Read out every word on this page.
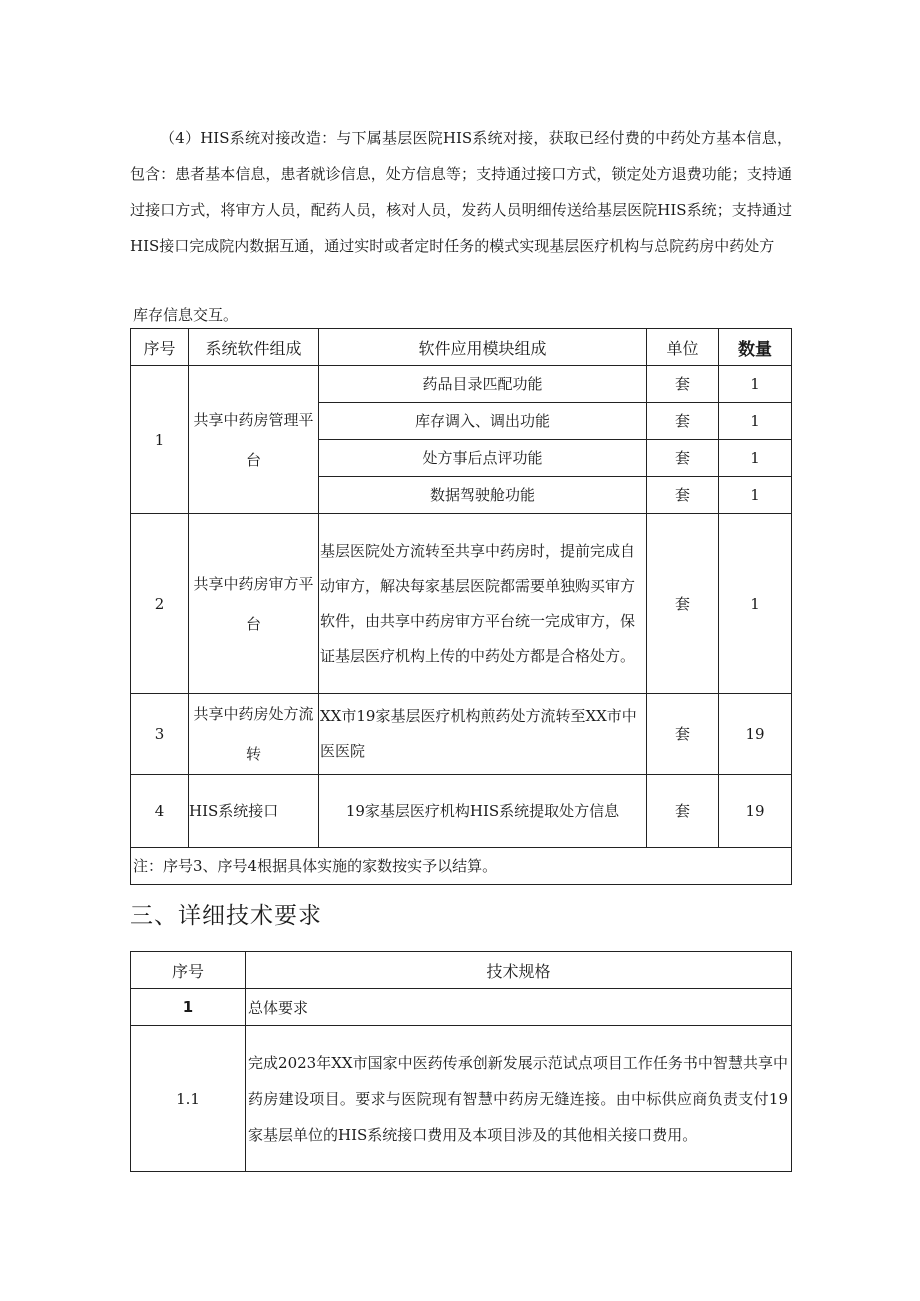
（4）HIS系统对接改造：与下属基层医院HIS系统对接，获取已经付费的中药处方基本信息，包含：患者基本信息，患者就诊信息，处方信息等；支持通过接口方式，锁定处方退费功能；支持通过接口方式，将审方人员，配药人员，核对人员，发药人员明细传送给基层医院HIS系统；支持通过HIS接口完成院内数据互通，通过实时或者定时任务的模式实现基层医疗机构与总院药房中药处方

库存信息交互。

序号	系统软件组成	软件应用模块组成	单位	数量
1	共享中药房管理平台	药品目录匹配功能	套	1
		库存调入、调出功能	套	1
		处方事后点评功能	套	1
		数据驾驶舱功能	套	1
2	共享中药房审方平台	基层医院处方流转至共享中药房时，提前完成自动审方，解决每家基层医院都需要单独购买审方软件，由共享中药房审方平台统一完成审方，保证基层医疗机构上传的中药处方都是合格处方。	套	1
3	共享中药房处方流转	XX市19家基层医疗机构煎药处方流转至XX市中医医院	套	19
4	HIS系统接口	19家基层医疗机构HIS系统提取处方信息	套	19
注：序号3、序号4根据具体实施的家数按实予以结算。				
三、详细技术要求
序号	技术规格
1	总体要求
1.1	完成2023年XX市国家中医药传承创新发展示范试点项目工作任务书中智慧共享中药房建设项目。要求与医院现有智慧中药房无缝连接。由中标供应商负责支付19家基层单位的HIS系统接口费用及本项目涉及的其他相关接口费用。
